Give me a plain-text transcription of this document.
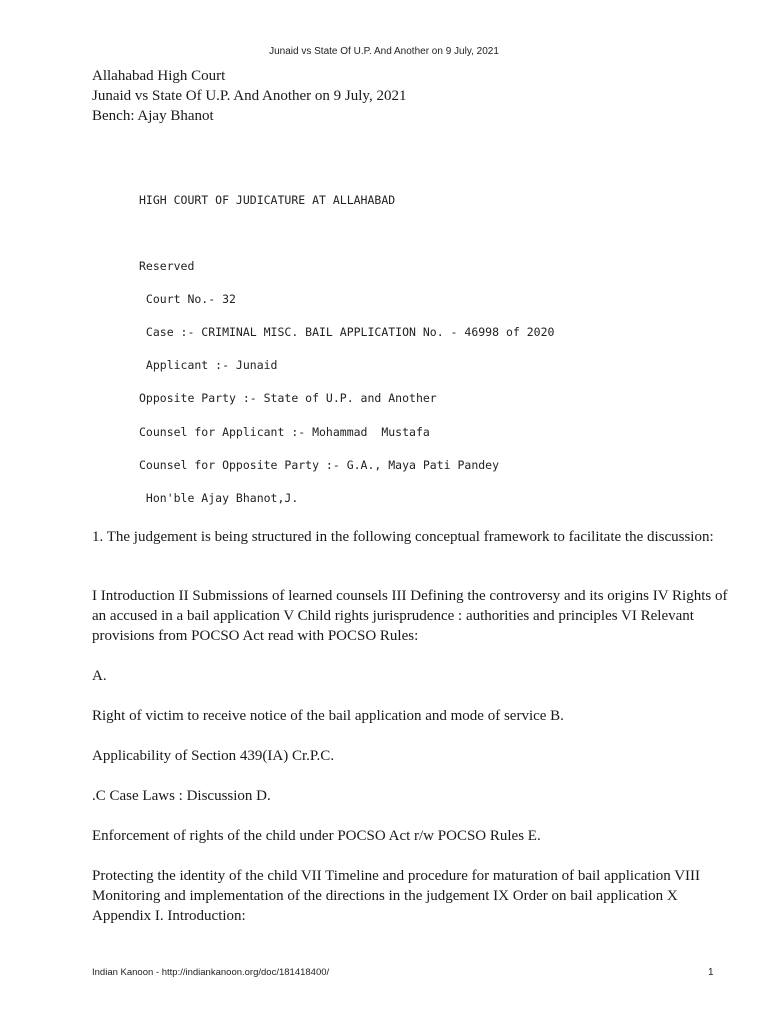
Junaid vs State Of U.P. And Another on 9 July, 2021
Allahabad High Court
Junaid vs State Of U.P. And Another on 9 July, 2021
Bench: Ajay Bhanot
HIGH COURT OF JUDICATURE AT ALLAHABAD
Reserved
Court No.- 32
Case :- CRIMINAL MISC. BAIL APPLICATION No. - 46998 of 2020
Applicant :- Junaid
Opposite Party :- State of U.P. and Another
Counsel for Applicant :- Mohammad  Mustafa
Counsel for Opposite Party :- G.A., Maya Pati Pandey
Hon'ble Ajay Bhanot,J.
1. The judgement is being structured in the following conceptual framework to facilitate the discussion:
I Introduction II Submissions of learned counsels III Defining the controversy and its origins IV Rights of an accused in a bail application V Child rights jurisprudence : authorities and principles VI Relevant provisions from POCSO Act read with POCSO Rules:
A.
Right of victim to receive notice of the bail application and mode of service B.
Applicability of Section 439(IA) Cr.P.C.
.C Case Laws : Discussion D.
Enforcement of rights of the child under POCSO Act r/w POCSO Rules E.
Protecting the identity of the child VII Timeline and procedure for maturation of bail application VIII Monitoring and implementation of the directions in the judgement IX Order on bail application X Appendix I. Introduction:
Indian Kanoon - http://indiankanoon.org/doc/181418400/	1
